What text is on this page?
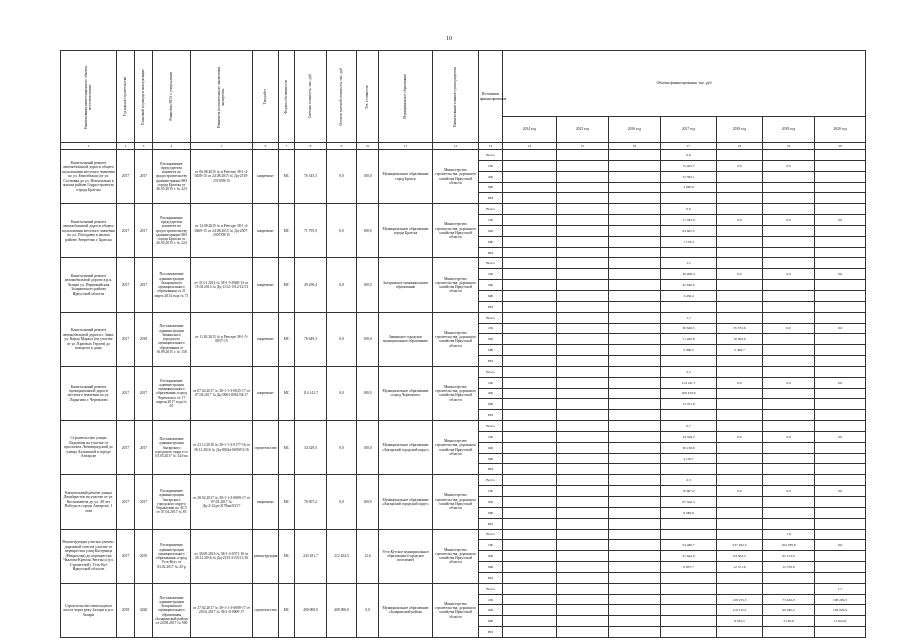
10
Наименование инвестиционного объекта, местоположение	Год начала строительства	Плановый год ввода в эксплуатацию	Реквизиты НПА о утверждении	Реквизиты положительного заключения экспертизы	Тип работ	Форма собственности	Сметная стоимость, тыс. руб	Остаток сметной стоимости, тыс. руб	Тех. готовность	Муниципальное образование	Наименование главного распорядителя	Источники финансирования	Объемы финансирования, тыс. руб						
													2014 год	2015 год	2016 год	2017 год	2018 год	2019 год	2020 год
1	2	3	4	5	6	7	8	9	10	11	12	13	14	15	16	17	18	19	20
Капитальный ремонт автомобильной дороги общего пользования местного значения по ул. Енисейская (от ул. Сосновая до ул. Вокзальная) в жилом районе Гидростроитель города Братска	2017	2017	Распоряжение председателя комитета по градостроительству администрации МО города Братска от 26.05.2015 г. № 223	от 06.08.2015 № в Реестре 38-1-4-0458-15 от 24.08.2015 № Дц-2519-2519/08/15	капремонт	МС	76 345,3	0,0	100,0	Муниципальное образование город Братск	Министерство строительства, дорожного хозяйства Иркутской области	Всего				0,0			
												ОБ				75 405,7	0,0	0,0	
												ФБ				72 365,1			
												МБ				3 040,6			
												ВИ							
Капитальный ремонт автомобильной дороги общего пользования местного значения по ул. Погодаева в жилом районе Энергетик г. Братска	2017	2017	Распоряжение председателя комитета по градостроительству администрации МО города Братска от 26.05.2015 г. № 224	от 12.08.2015 № в Реестре 38-1-4-0469-15 от 24.08.2015 № Дц-2507-2507/08/15	капремонт	МС	71 795,9	0,0	100,0	Муниципальное образование города Братска	Министерство строительства, дорожного хозяйства Иркутской области	Всего				0,0			
												ОБ				71 785,9	0,0	0,0	0,0
												ФБ				64 605,5			
												МБ				7 178,4			
												ВИ							
Капитальный ремонт автомобильной дороги в р.п. Залари ул. Первомайская Заларинского района Иркутской области	2017	2017	Постановление администрации Заларинского муниципального образования от 21 марта 2014 года № 71	от 31.01.2014 № 38-1-5-0020-13 от 15.03.2014 № Дц-1512-1512/12/13	капремонт	МС	49 290,4	0,0	100,0	Заларинское муниципальное образование	Министерство строительства, дорожного хозяйства Иркутской области	Всего				1,1			
												ОБ				49 290,4	0,0	0,0	0,0
												ФБ				45 840,0			
												МБ				3 450,4			
												ВИ							
Капитальный ремонт автомобильной дороги г. Зима: ул. Карла Маркса (на участке от ул. Красных Героев) до поворота к дому	2017	2018	Постановление администрации Зиминского городского муниципального образования от 16.09.2015 г. № 158	от 11.02.2015 № в Реестре 38-1-5-0037-15	капремонт	МС	76 649,3	0,0	100,0	Зиминское городское муниципальное образование	Министерство строительства, дорожного хозяйства Иркутской области	Всего				1,7			
												ОБ				36 649,3	35 572,6	0,0	0,0
												ФБ				71 282,8	10 062,6		
												МБ				2 366,5	2 499,7		
												ВИ							
Капитальный ремонт муниципальной дороги местного значения по ул. Ладыгина г. Черемхово	2017	2017	Распоряжение администрации муниципального образования «город Черемхово» от 17 апреля 2017 года № 65	от 07.04.2017 № 38-1-1-3-0025-17 от 07.04.2017 № Дц-0061-0061/04/17	капремонт	МС	114 141,7	0,0	100,0	Муниципальное образование «город Черемхово»	Министерство строительства, дорожного хозяйства Иркутской области	Всего				2,2			
												ОБ				114 141,7	0,0	0,0	0,0
												ФБ				100 479,9			
												МБ				13 701,8			
												ВИ							
Строительство улицы Ладыгина на участке от проспекта Ленинградский до улицы Ахматовой в городе Ангарске	2017	2017	Постановление администрации Ангарского городского округа от 03.03.2017 № 144-па	от 23.12.2016 № 38-1-1-3-0177-16 от 30.12.2016 № Дц-0304а-0039/01/16	строительство	МС	34 329,5	0,0	100,0	Муниципальное образование «Ангарский городской округ»	Министерство строительства, дорожного хозяйства Иркутской области	Всего				0,7			
												ОБ				34 329,5	0,0	0,0	0,0
												ФБ				30 218,8			
												МБ				4 110,7			
												ВИ							
Капитальный ремонт улицы Декабристов на участке от ул. Космонавтов до ул. 40 лет Победы в городе Ангарске, 1 этап	2017	2017	Распоряжение администрации Ангарского городского округа Управление по АСТ от 07.04.2017 № 85	от 28.02.2017 № 38-1-1-3-0009-17 от 07.03.2017 № Дц-2/12дп-2178ан/03/17	капремонт	МС	76 907,2	0,0	100,0	Муниципальное образование «Ангарский городской округ»	Министерство строительства, дорожного хозяйства Иркутской области	Всего				2,3			
												ОБ				76 907,2	0,0	0,0	0,0
												ФБ				67 326,3			
												МБ				9 580,9			
												ВИ							
Реконструкция участка улично-дорожной сети на участке от перекрестка улиц Кастрчица (Некрасова) до перекрестка Чкалова-Кремля Энгельса (ул. Строителей), Усть-Кут Иркутской области	2017	2019	Распоряжение администрации муниципального образования «город Усть-Кут» от 03.02.2017 № 45-р	от 30.09.2016 № 38-1-4-0371-16 от 20.12.2016 № Дц-2155-2155/11/16	реконструкция	МС	243 181,7	212 454,5	12,6	Усть-Кутское муниципальное образование (городское поселение)	Министерство строительства, дорожного хозяйства Иркутской области	Всего						1,9	
												ОБ				54 480,7	237 292,5	104 789,8	0,0
												ФБ				47 642,0	94 363,3	92 213,0	
												МБ				6 837,7	12 371,6	12 576,8	
												ВИ							
Строительство пешеходного моста через реку Залари в р.п. Залари	2018	2020	Постановление администрации Заларинского муниципального образования «Заларинский район» от 24.08.2017 № 500	от 27.02.2017 № 38-1-1-3-0008-17 от 20.02.2017 № 38-1-0-0009-17	строительство	МС	400 000,0	400 000,0	0,0	Муниципальное образование «Заларинский район»	Министерство строительства, дорожного хозяйства Иркутской области	Всего							1,7
												ОБ					128 255,5	73 420,0	198 299,3
												ФБ					119 312,5	69 290,2	184 920,9
												МБ					8 954,5	3 130,8	13 624,8
												ВИ							
